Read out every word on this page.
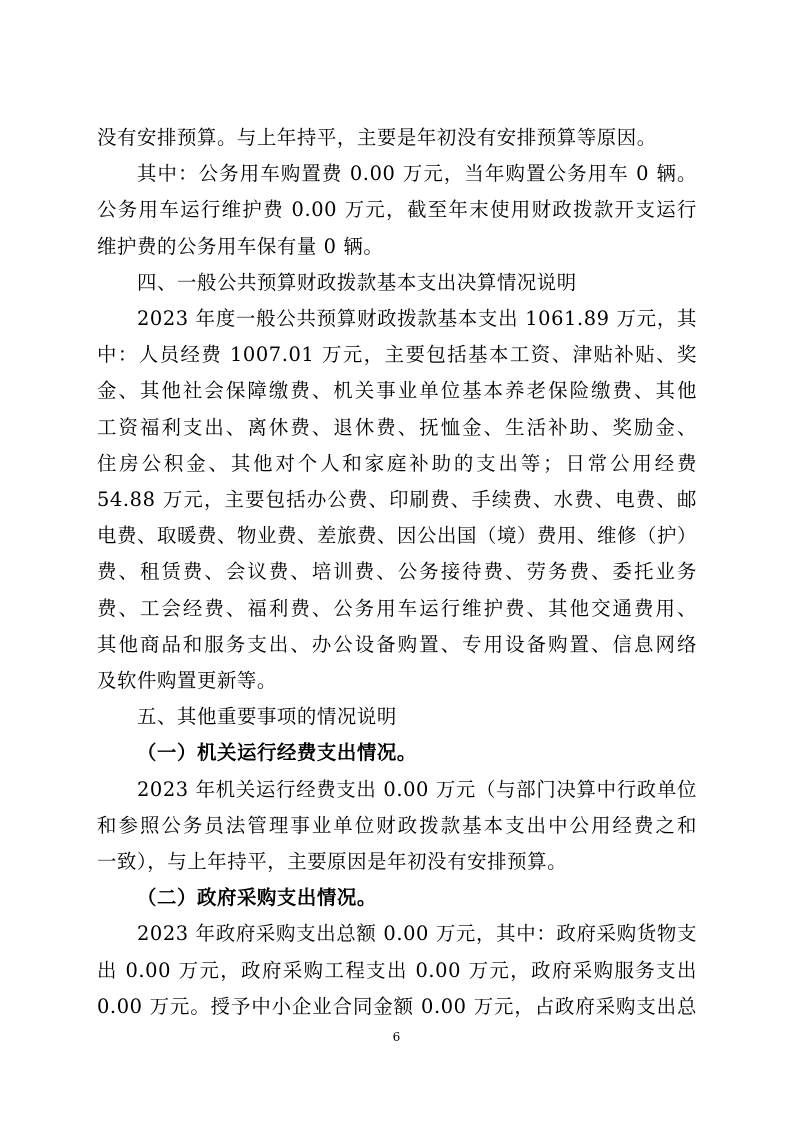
没有安排预算。与上年持平，主要是年初没有安排预算等原因。
其中：公务用车购置费 0.00 万元，当年购置公务用车 0 辆。
公务用车运行维护费 0.00 万元，截至年末使用财政拨款开支运行
维护费的公务用车保有量 0 辆。
四、一般公共预算财政拨款基本支出决算情况说明
2023 年度一般公共预算财政拨款基本支出 1061.89 万元，其
中：人员经费 1007.01 万元，主要包括基本工资、津贴补贴、奖
金、其他社会保障缴费、机关事业单位基本养老保险缴费、其他
工资福利支出、离休费、退休费、抚恤金、生活补助、奖励金、
住房公积金、其他对个人和家庭补助的支出等；日常公用经费
54.88 万元，主要包括办公费、印刷费、手续费、水费、电费、邮
电费、取暖费、物业费、差旅费、因公出国（境）费用、维修（护）
费、租赁费、会议费、培训费、公务接待费、劳务费、委托业务
费、工会经费、福利费、公务用车运行维护费、其他交通费用、
其他商品和服务支出、办公设备购置、专用设备购置、信息网络
及软件购置更新等。
五、其他重要事项的情况说明
（一）机关运行经费支出情况。
2023 年机关运行经费支出 0.00 万元（与部门决算中行政单位
和参照公务员法管理事业单位财政拨款基本支出中公用经费之和
一致），与上年持平，主要原因是年初没有安排预算。
（二）政府采购支出情况。
2023 年政府采购支出总额 0.00 万元，其中：政府采购货物支
出 0.00 万元，政府采购工程支出 0.00 万元，政府采购服务支出
0.00 万元。授予中小企业合同金额 0.00 万元，占政府采购支出总
6
